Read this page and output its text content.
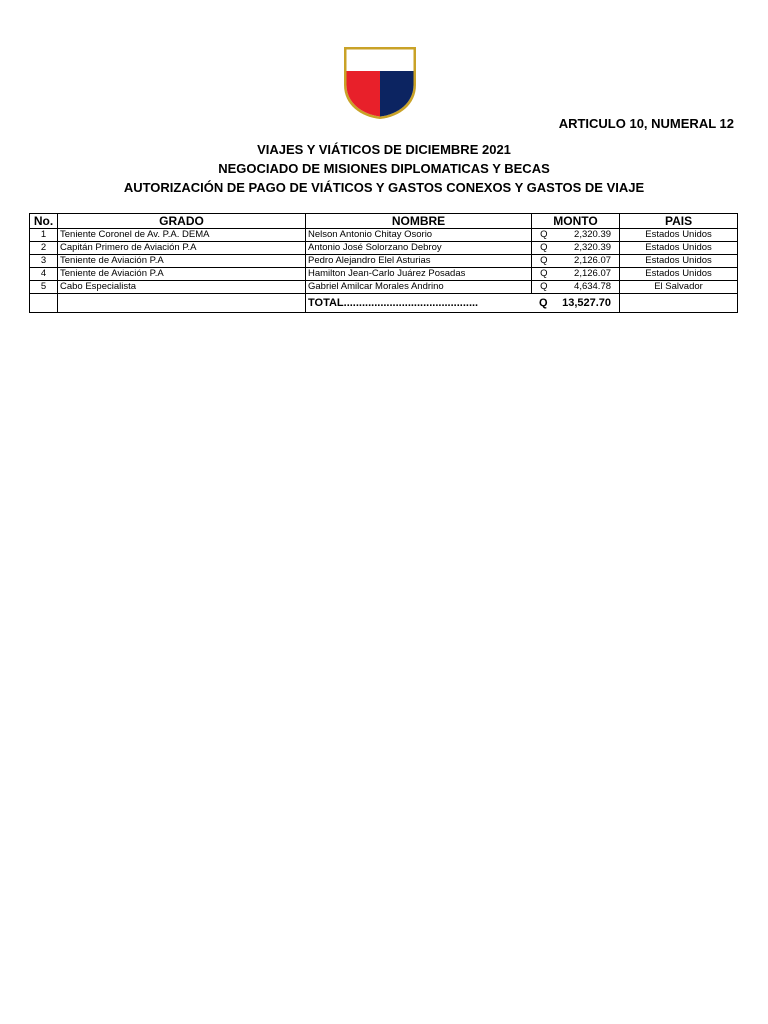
ARTICULO 10, NUMERAL 12
VIAJES Y VIÁTICOS DE DICIEMBRE 2021
NEGOCIADO DE MISIONES DIPLOMATICAS Y BECAS
AUTORIZACIÓN DE PAGO DE VIÁTICOS Y GASTOS CONEXOS Y GASTOS DE VIAJE
No.	GRADO	NOMBRE	MONTO		PAIS
1	Teniente Coronel de Av. P.A. DEMA	Nelson Antonio Chitay Osorio	Q	2,320.39	Estados Unidos
2	Capitán Primero de Aviación P.A	Antonio José Solorzano Debroy	Q	2,320.39	Estados Unidos
3	Teniente de Aviación P.A	Pedro Alejandro Elel Asturias	Q	2,126.07	Estados Unidos
4	Teniente de Aviación P.A	Hamilton Jean-Carlo Juárez Posadas	Q	2,126.07	Estados Unidos
5	Cabo Especialista	Gabriel Amilcar Morales Andrino	Q	4,634.78	El Salvador
		TOTAL............................................	Q	13,527.70	
